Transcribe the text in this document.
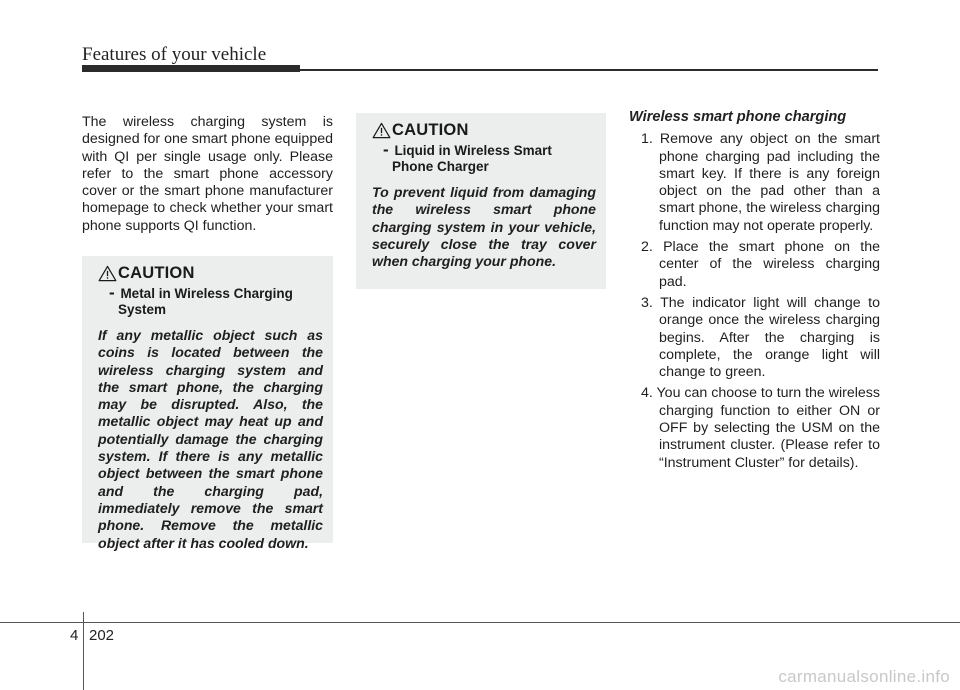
Features of your vehicle
The wireless charging system is designed for one smart phone equipped with QI per single usage only. Please refer to the smart phone accessory cover or the smart phone manufacturer homepage to check whether your smart phone supports QI function.
CAUTION
- Metal in Wireless Charging System
If any metallic object such as coins is located between the wireless charging system and the smart phone, the charging may be disrupted. Also, the metallic object may heat up and potentially damage the charging system. If there is any metallic object between the smart phone and the charging pad, immediately remove the smart phone. Remove the metallic object after it has cooled down.
CAUTION
- Liquid in Wireless Smart Phone Charger
To prevent liquid from damaging the wireless smart phone charging system in your vehicle, securely close the tray cover when charging your phone.
Wireless smart phone charging
1. Remove any object on the smart phone charging pad including the smart key. If there is any foreign object on the pad other than a smart phone, the wireless charging function may not operate properly.
2. Place the smart phone on the center of the wireless charging pad.
3. The indicator light will change to orange once the wireless charging begins. After the charging is complete, the orange light will change to green.
4. You can choose to turn the wireless charging function to either ON or OFF by selecting the USM on the instrument cluster. (Please refer to “Instrument Cluster” for details).
4 202
carmanualsonline.info
